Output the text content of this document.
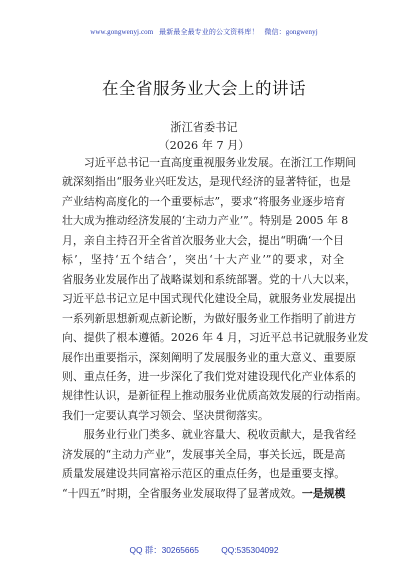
www.gongwenyj.com 最新最全最专业的公文资料库！ 微信：gongwenyj
在全省服务业大会上的讲话
浙江省委书记
（2026 年 7 月）
习近平总书记一直高度重视服务业发展。在浙江工作期间
就深刻指出“服务业兴旺发达，是现代经济的显著特征，也是
产业结构高度化的一个重要标志”，要求“将服务业逐步培育
壮大成为推动经济发展的‘主动力产业’”。特别是 2005 年 8
月，亲自主持召开全省首次服务业大会，提出“明确‘一个目
标’，坚持‘五个结合’，突出‘十大产业’”的要求，对全
省服务业发展作出了战略谋划和系统部署。党的十八大以来，
习近平总书记立足中国式现代化建设全局，就服务业发展提出
一系列新思想新观点新论断，为做好服务业工作指明了前进方
向、提供了根本遵循。2026 年 4 月，习近平总书记就服务业发
展作出重要指示，深刻阐明了发展服务业的重大意义、重要原
则、重点任务，进一步深化了我们党对建设现代化产业体系的
规律性认识，是新征程上推动服务业优质高效发展的行动指南。
我们一定要认真学习领会、坚决贯彻落实。
服务业行业门类多、就业容量大、税收贡献大，是我省经
济发展的“主动力产业”，发展事关全局，事关长远，既是高
质量发展建设共同富裕示范区的重点任务，也是重要支撑。
“十四五”时期，全省服务业发展取得了显著成效。一是规模
QQ 群：30265665	QQ:535304092
